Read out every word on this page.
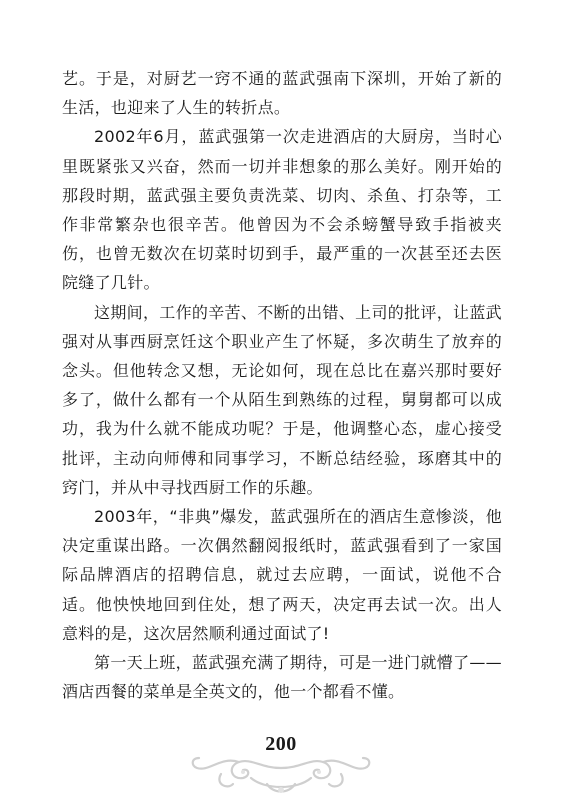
艺。于是，对厨艺一窍不通的蓝武强南下深圳，开始了新的生活，也迎来了人生的转折点。

2002年6月，蓝武强第一次走进酒店的大厨房，当时心里既紧张又兴奋，然而一切并非想象的那么美好。刚开始的那段时期，蓝武强主要负责洗菜、切肉、杀鱼、打杂等，工作非常繁杂也很辛苦。他曾因为不会杀螃蟹导致手指被夹伤，也曾无数次在切菜时切到手，最严重的一次甚至还去医院缝了几针。

这期间，工作的辛苦、不断的出错、上司的批评，让蓝武强对从事西厨烹饪这个职业产生了怀疑，多次萌生了放弃的念头。但他转念又想，无论如何，现在总比在嘉兴那时要好多了，做什么都有一个从陌生到熟练的过程，舅舅都可以成功，我为什么就不能成功呢？于是，他调整心态，虚心接受批评，主动向师傅和同事学习，不断总结经验，琢磨其中的窍门，并从中寻找西厨工作的乐趣。

2003年，“非典”爆发，蓝武强所在的酒店生意惨淡，他决定重谋出路。一次偶然翻阅报纸时，蓝武强看到了一家国际品牌酒店的招聘信息，就过去应聘，一面试，说他不合适。他怏怏地回到住处，想了两天，决定再去试一次。出人意料的是，这次居然顺利通过面试了!

第一天上班，蓝武强充满了期待，可是一进门就懵了——酒店西餐的菜单是全英文的，他一个都看不懂。

200
